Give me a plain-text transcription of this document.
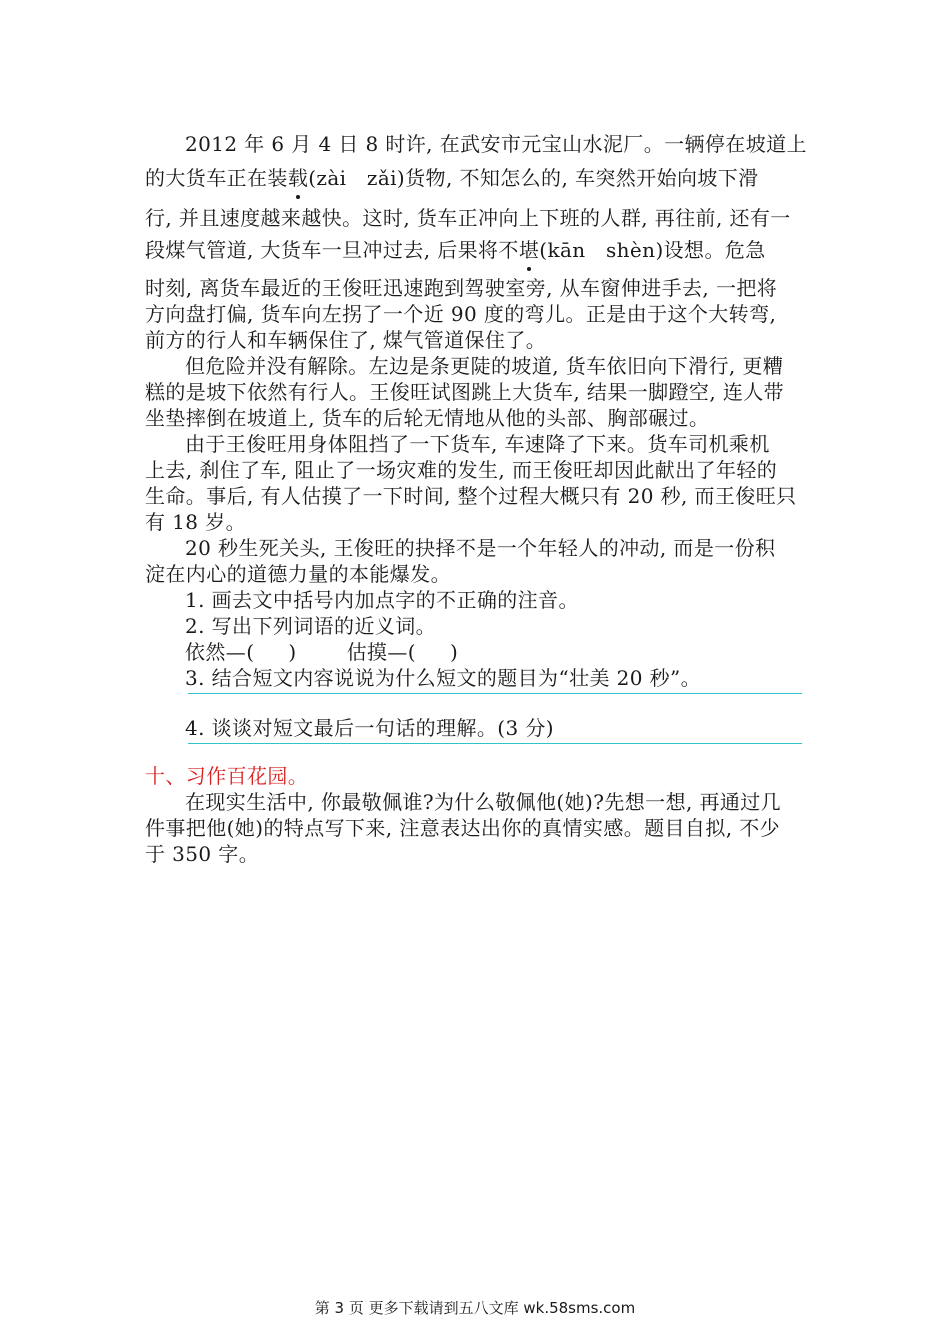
2012 年 6 月 4 日 8 时许, 在武安市元宝山水泥厂。一辆停在坡道上
的大货车正在装载(zài　zǎi)货物, 不知怎么的, 车突然开始向坡下滑
行, 并且速度越来越快。这时, 货车正冲向上下班的人群, 再往前, 还有一
段煤气管道, 大货车一旦冲过去, 后果将不堪(kān　shèn)设想。危急
时刻, 离货车最近的王俊旺迅速跑到驾驶室旁, 从车窗伸进手去, 一把将
方向盘打偏, 货车向左拐了一个近 90 度的弯儿。正是由于这个大转弯,
前方的行人和车辆保住了, 煤气管道保住了。
但危险并没有解除。左边是条更陡的坡道, 货车依旧向下滑行, 更糟
糕的是坡下依然有行人。王俊旺试图跳上大货车, 结果一脚蹬空, 连人带
坐垫摔倒在坡道上, 货车的后轮无情地从他的头部、胸部碾过。
由于王俊旺用身体阻挡了一下货车, 车速降了下来。货车司机乘机
上去, 刹住了车, 阻止了一场灾难的发生, 而王俊旺却因此献出了年轻的
生命。事后, 有人估摸了一下时间, 整个过程大概只有 20 秒, 而王俊旺只
有 18 岁。
20 秒生死关头, 王俊旺的抉择不是一个年轻人的冲动, 而是一份积
淀在内心的道德力量的本能爆发。
1. 画去文中括号内加点字的不正确的注音。
2. 写出下列词语的近义词。
依然—( )	估摸—( )
3. 结合短文内容说说为什么短文的题目为“壮美 20 秒”。
4. 谈谈对短文最后一句话的理解。(3 分)
十、习作百花园。
在现实生活中, 你最敬佩谁?为什么敬佩他(她)?先想一想, 再通过几
件事把他(她)的特点写下来, 注意表达出你的真情实感。题目自拟, 不少
于 350 字。
第 3 页 更多下载请到五八文库 wk.58sms.com
